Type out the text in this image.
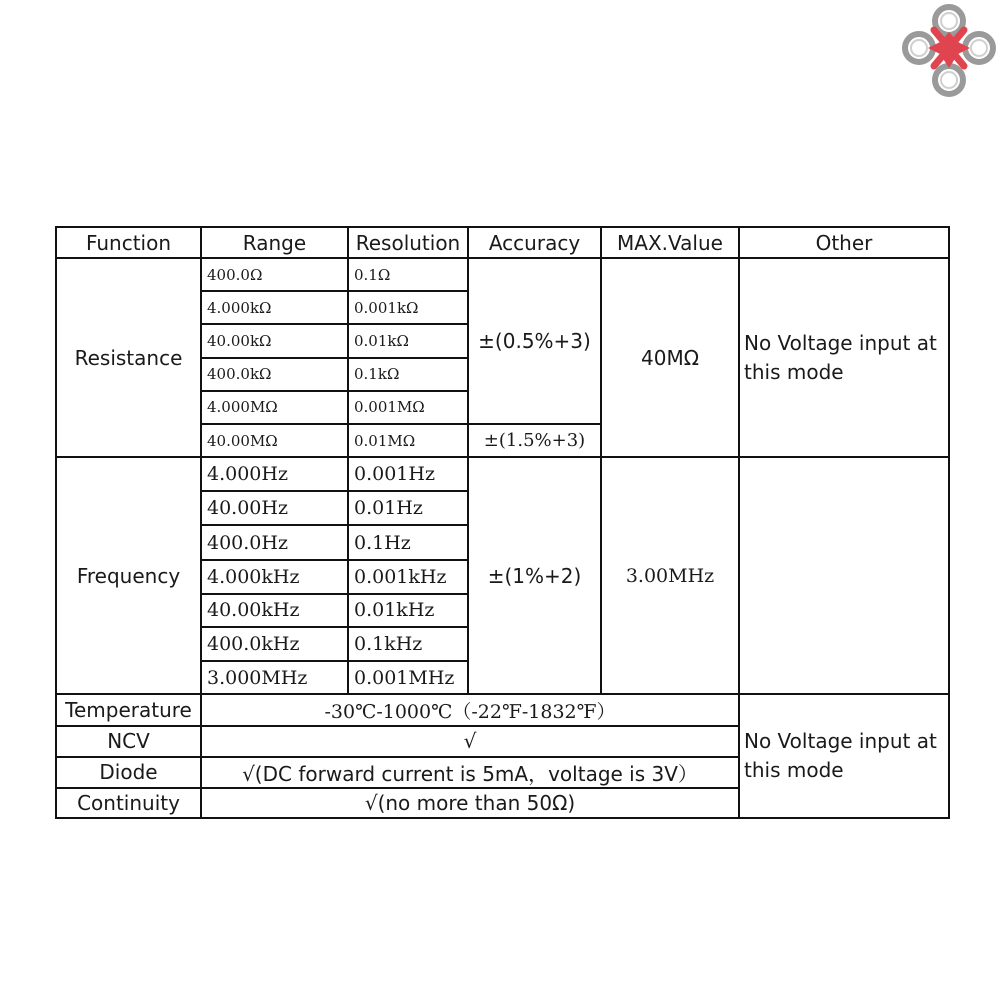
Function	Range	Resolution	Accuracy	MAX.Value	Other
Resistance	400.0Ω	0.1Ω	±(0.5%+3)	40MΩ	No Voltage input at this mode
	4.000kΩ	0.001kΩ			
	40.00kΩ	0.01kΩ			
	400.0kΩ	0.1kΩ			
	4.000MΩ	0.001MΩ			
	40.00MΩ	0.01MΩ	±(1.5%+3)		
Frequency	4.000Hz	0.001Hz	±(1%+2)	3.00MHz	
	40.00Hz	0.01Hz			
	400.0Hz	0.1Hz			
	4.000kHz	0.001kHz			
	40.00kHz	0.01kHz			
	400.0kHz	0.1kHz			
	3.000MHz	0.001MHz			
Temperature	-30℃-1000℃（-22℉-1832℉）				No Voltage input at this mode
NCV	√				
Diode	√(DC forward current is 5mA，voltage is 3V）				
Continuity	√(no more than 50Ω)				
